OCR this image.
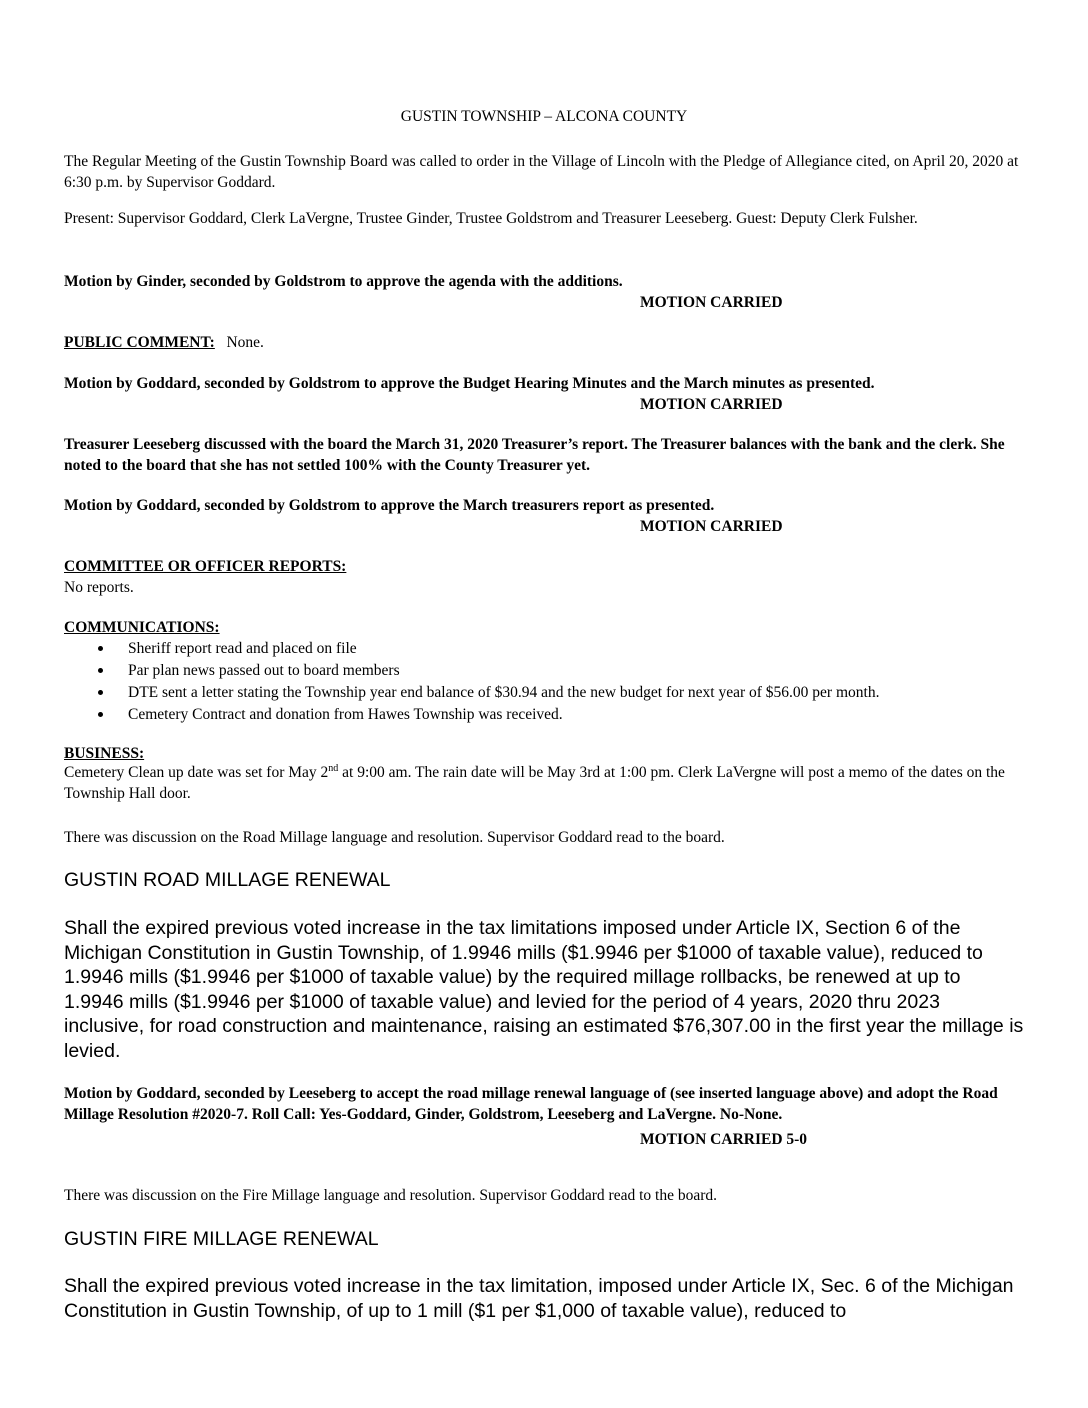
GUSTIN TOWNSHIP – ALCONA COUNTY

The Regular Meeting of the Gustin Township Board was called to order in the Village of Lincoln with the Pledge of Allegiance cited, on April 20, 2020 at 6:30 p.m. by Supervisor Goddard.

Present: Supervisor Goddard, Clerk LaVergne, Trustee Ginder, Trustee Goldstrom and Treasurer Leeseberg. Guest: Deputy Clerk Fulsher.

Motion by Ginder, seconded by Goldstrom to approve the agenda with the additions.

MOTION CARRIED

PUBLIC COMMENT: None.

Motion by Goddard, seconded by Goldstrom to approve the Budget Hearing Minutes and the March minutes as presented.

MOTION CARRIED

Treasurer Leeseberg discussed with the board the March 31, 2020 Treasurer’s report. The Treasurer balances with the bank and the clerk. She noted to the board that she has not settled 100% with the County Treasurer yet.

Motion by Goddard, seconded by Goldstrom to approve the March treasurers report as presented.

MOTION CARRIED

COMMITTEE OR OFFICER REPORTS:

No reports.

COMMUNICATIONS:

Sheriff report read and placed on file
Par plan news passed out to board members
DTE sent a letter stating the Township year end balance of $30.94 and the new budget for next year of $56.00 per month.
Cemetery Contract and donation from Hawes Township was received.

BUSINESS:

Cemetery Clean up date was set for May 2nd at 9:00 am. The rain date will be May 3rd at 1:00 pm. Clerk LaVergne will post a memo of the dates on the Township Hall door.

There was discussion on the Road Millage language and resolution. Supervisor Goddard read to the board.

GUSTIN ROAD MILLAGE RENEWAL

Shall the expired previous voted increase in the tax limitations imposed under Article IX, Section 6 of the Michigan Constitution in Gustin Township, of 1.9946 mills ($1.9946 per $1000 of taxable value), reduced to 1.9946 mills ($1.9946 per $1000 of taxable value) by the required millage rollbacks, be renewed at up to 1.9946 mills ($1.9946 per $1000 of taxable value) and levied for the period of 4 years, 2020 thru 2023 inclusive, for road construction and maintenance, raising an estimated $76,307.00 in the first year the millage is levied.

Motion by Goddard, seconded by Leeseberg to accept the road millage renewal language of (see inserted language above) and adopt the Road Millage Resolution #2020-7. Roll Call: Yes-Goddard, Ginder, Goldstrom, Leeseberg and LaVergne. No-None.

MOTION CARRIED 5-0

There was discussion on the Fire Millage language and resolution. Supervisor Goddard read to the board.

GUSTIN FIRE MILLAGE RENEWAL

Shall the expired previous voted increase in the tax limitation, imposed under Article IX, Sec. 6 of the Michigan Constitution in Gustin Township, of up to 1 mill ($1 per $1,000 of taxable value), reduced to
